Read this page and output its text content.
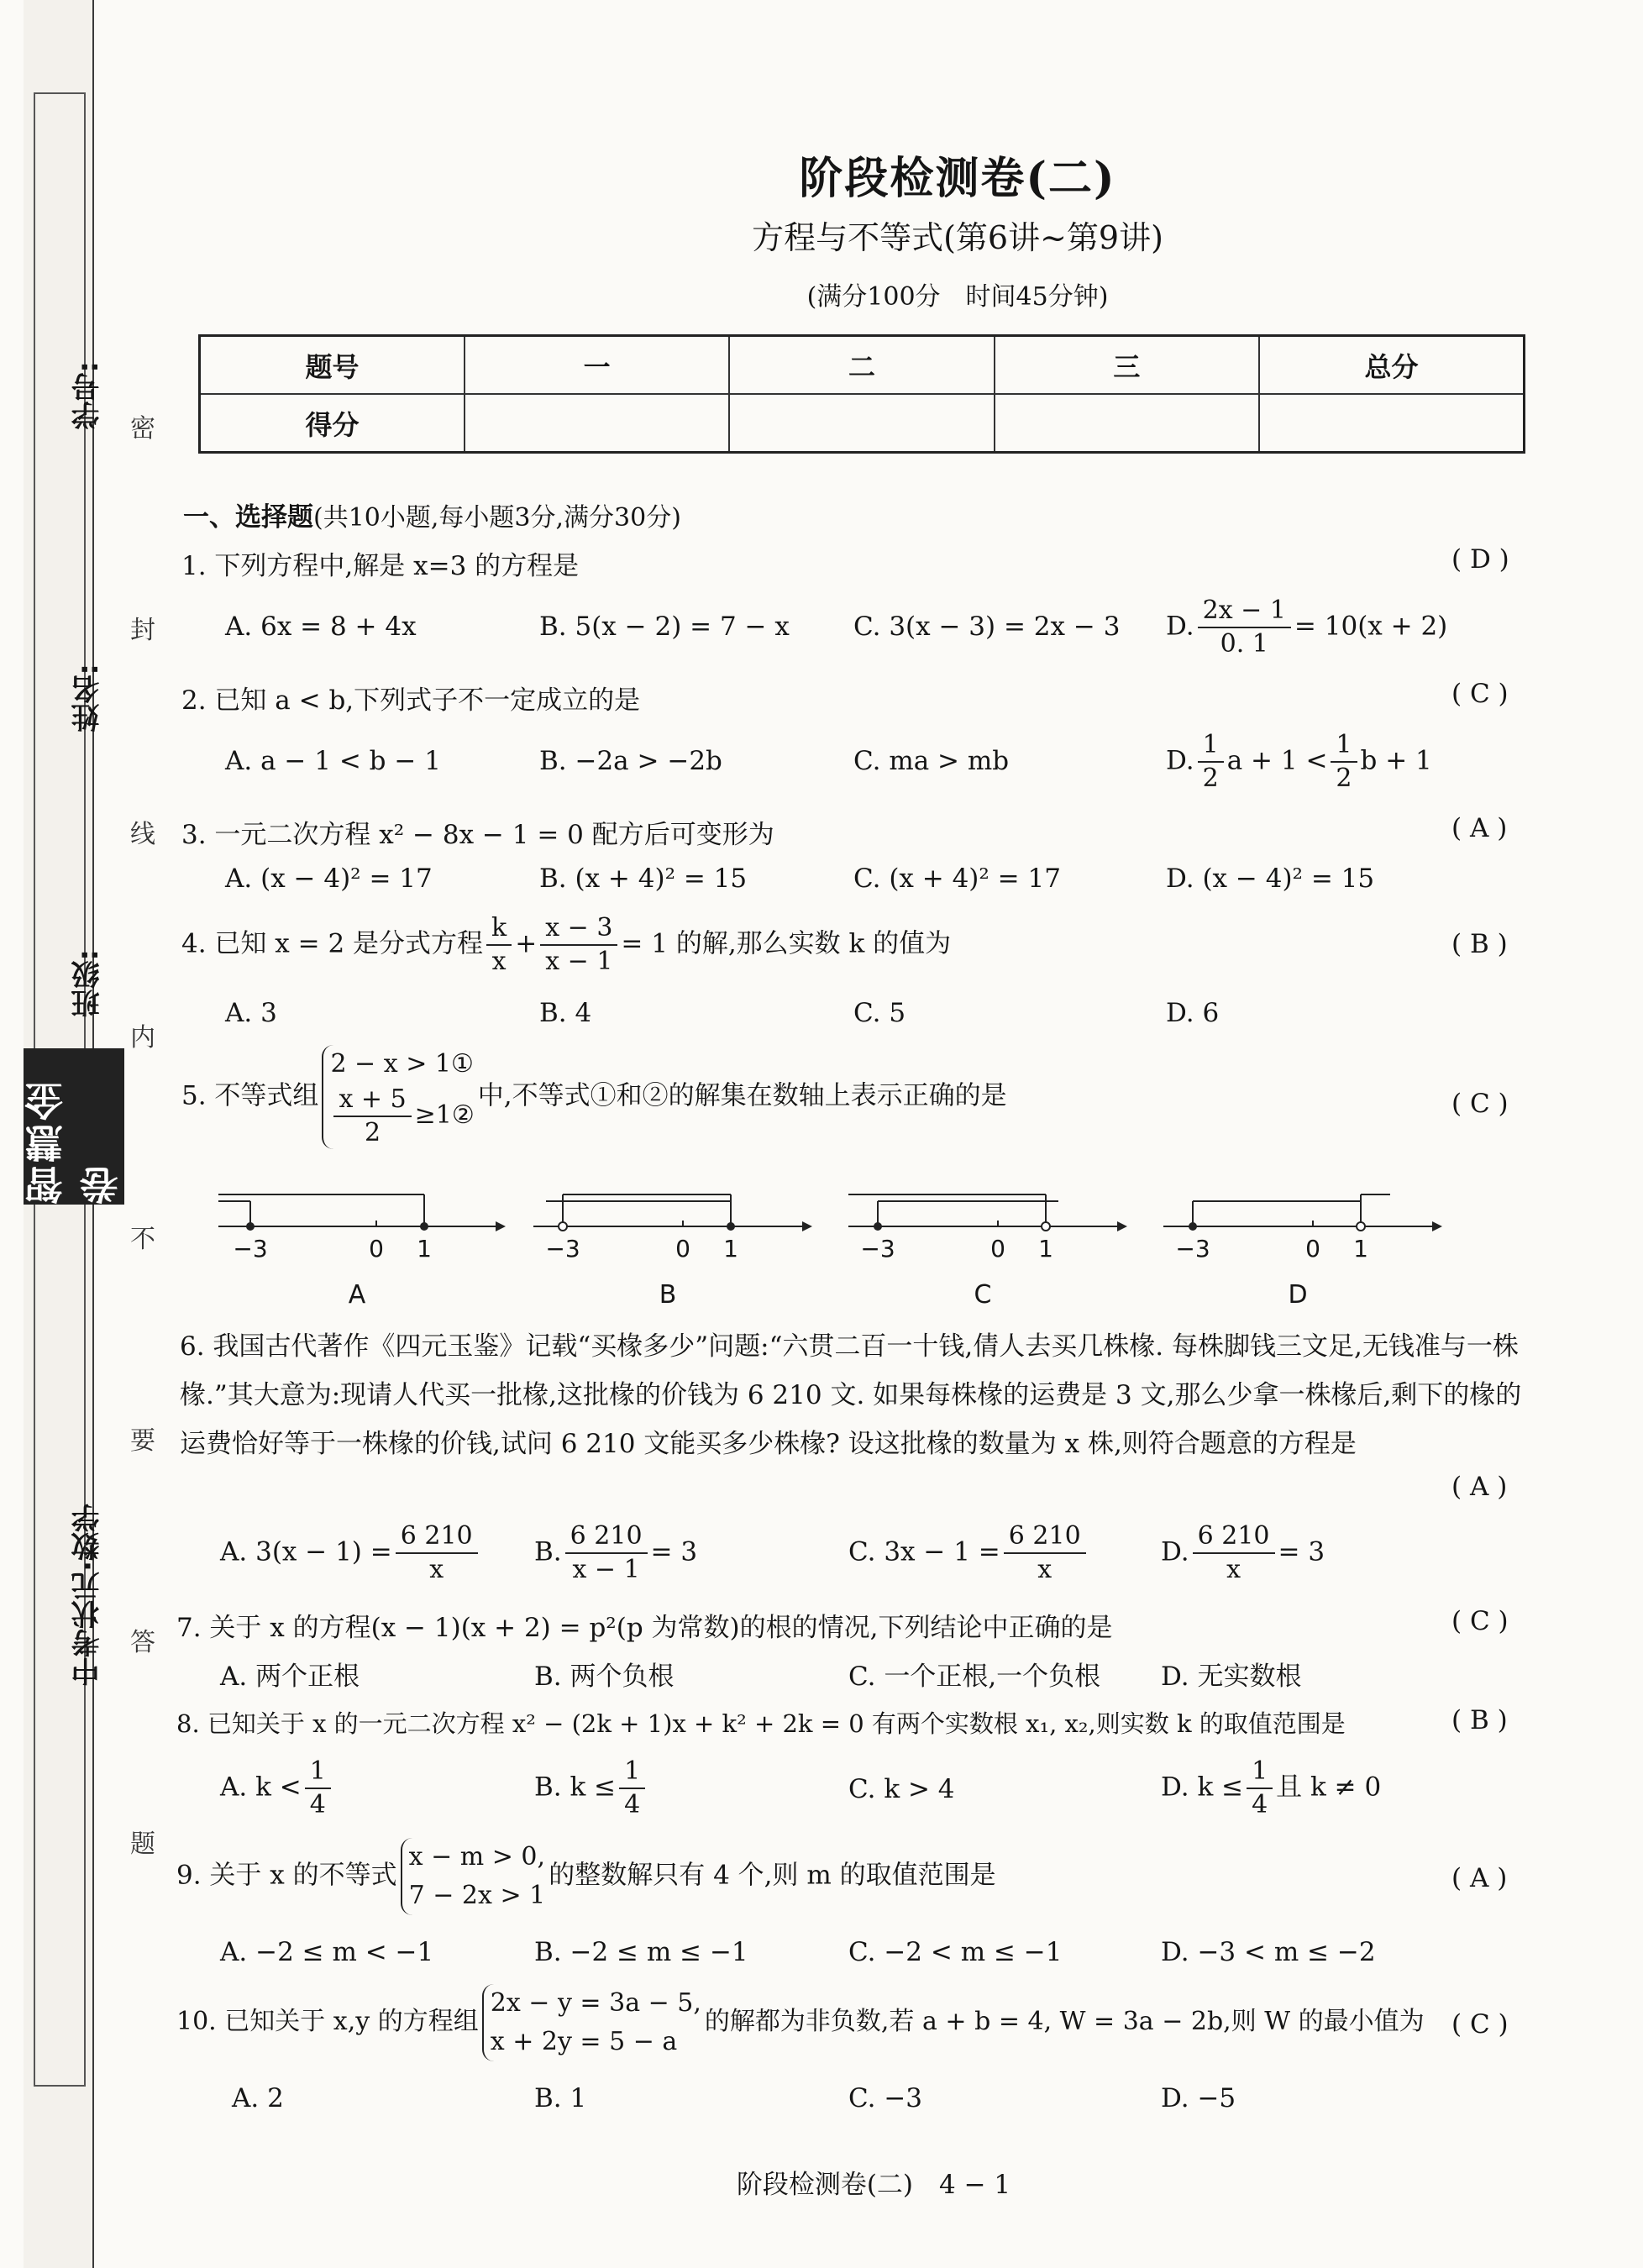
学号:
姓名:
班级:
智慧金卷
中考状元·数学
密
封
线
内
不
要
答
题
阶段检测卷(二)
方程与不等式(第6讲~第9讲)
(满分100分　时间45分钟)
题号	一	二	三	总分
得分				
一、选择题(共10小题,每小题3分,满分30分)
1. 下列方程中,解是 x=3 的方程是	( D )
A. 6x = 8 + 4x	B. 5(x − 2) = 7 − x C. 3(x − 3) = 2x − 3 D. $\frac{2x - 1}{0. 1} = 10(x + 2)$
2. 已知 a < b,下列式子不一定成立的是	( C )
A. a − 1 < b − 1	B. −2a > −2b	C. ma > mb	D. $\frac{1}{2}$ $a + 1 < \frac{1}{2}$ b + 1
3. 一元二次方程 x² − 8x − 1 = 0 配方后可变形为	( A )
A. (x − 4)² = 17	B. (x + 4)² = 15	C. (x + 4)² = 17	D. (x − 4)² = 15
4. 已知 x = 2 是分式方程 $\frac{k}{x} + \frac{x - 3}{x - 1} = 1$ 的解,那么实数 k 的值为	( B )
A. 3	B. 4	C. 5	D. 6
5. 不等式组
2 − x > 1①
$\frac{x + 5}{2}$ ≥1②
中,不等式①和②的解集在数轴上表示正确的是	( C )
−3	0	1	−3	0	1	−3	0	1	−3	0	1
A	B	C	D
6. 我国古代著作《四元玉鉴》记载“买椽多少”问题:“六贯二百一十钱,倩人去买几株椽. 每株脚钱三文足,无钱准与一株椽.”其大意为:现请人代买一批椽,这批椽的价钱为 6 210 文. 如果每株椽的运费是 3 文,那么少拿一株椽后,剩下的椽的运费恰好等于一株椽的价钱,试问 6 210 文能买多少株椽? 设这批椽的数量为 x 株,则符合题意的方程是
( A )
A. $3(x - 1) = \frac{6 210}{x} B$. $\frac{6 210}{x - 1} = 3$	C. $3x - 1 = \frac{6 210}{x}$	D. $\frac{6 210}{x} = 3$
7. 关于 x 的方程(x − 1)(x + 2) = p²(p 为常数)的根的情况,下列结论中正确的是	( C )
A. 两个正根	B. 两个负根	C. 一个正根,一个负根 D. 无实数根
8. 已知关于 x 的一元二次方程 x² − (2k + 1)x + k² + 2k = 0 有两个实数根 x₁, x₂,则实数 k 的取值范围是	( B )
A. $k < \frac{1}{4}$	B. $k \le \frac{1}{4}$	C. k > 4	D. $k \le \frac{1}{4}$ 且 k ≠ 0
9. 关于 x 的不等式
x − m > 0,
7 − 2x > 1
的整数解只有 4 个,则 m 的取值范围是	( A )
A. −2 ≤ m < −1	B. −2 ≤ m ≤ −1	C. −2 < m ≤ −1	D. −3 < m ≤ −2
10. 已知关于 x,y 的方程组
2x − y = 3a − 5,
x + 2y = 5 − a
的解都为非负数,若 a + b = 4, W = 3a − 2b,则 W 的最小值为 ( C )
A. 2	B. 1	C. −3	D. −5
阶段检测卷(二)　4 − 1
